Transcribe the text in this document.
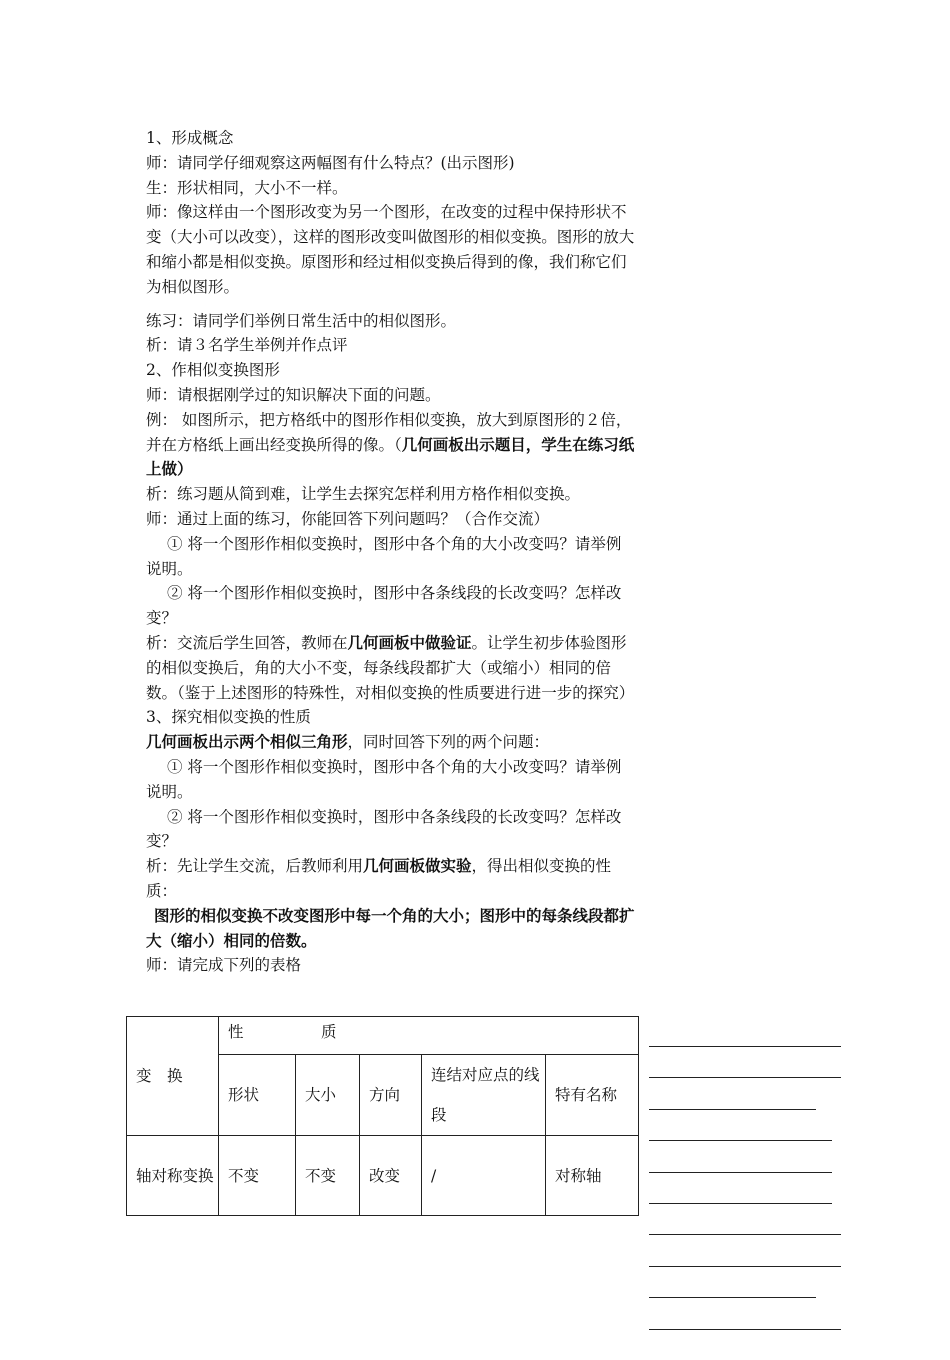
1、形成概念

师：请同学仔细观察这两幅图有什么特点？(出示图形)

生：形状相同，大小不一样。

师：像这样由一个图形改变为另一个图形，在改变的过程中保持形状不变（大小可以改变），这样的图形改变叫做图形的相似变换。图形的放大和缩小都是相似变换。原图形和经过相似变换后得到的像，我们称它们为相似图形。

练习：请同学们举例日常生活中的相似图形。

析：请３名学生举例并作点评

2、作相似变换图形

师：请根据刚学过的知识解决下面的问题。

例： 如图所示，把方格纸中的图形作相似变换，放大到原图形的２倍，并在方格纸上画出经变换所得的像。（几何画板出示题目，学生在练习纸上做）

析：练习题从简到难，让学生去探究怎样利用方格作相似变换。

师：通过上面的练习，你能回答下列问题吗？（合作交流）

① 将一个图形作相似变换时，图形中各个角的大小改变吗？请举例说明。

② 将一个图形作相似变换时，图形中各条线段的长改变吗？怎样改变？

析：交流后学生回答，教师在几何画板中做验证。让学生初步体验图形的相似变换后，角的大小不变，每条线段都扩大（或缩小）相同的倍数。（鉴于上述图形的特殊性，对相似变换的性质要进行进一步的探究）

3、探究相似变换的性质

几何画板出示两个相似三角形，同时回答下列的两个问题：

① 将一个图形作相似变换时，图形中各个角的大小改变吗？请举例说明。

② 将一个图形作相似变换时，图形中各条线段的长改变吗？怎样改变？

析：先让学生交流，后教师利用几何画板做实验，得出相似变换的性质：

图形的相似变换不改变图形中每一个角的大小；图形中的每条线段都扩大（缩小）相同的倍数。

师：请完成下列的表格

变　换	性　　　　　质				
	形状	大小	方向	连结对应点的线段	特有名称
轴对称变换	不变	不变	改变	/	对称轴
